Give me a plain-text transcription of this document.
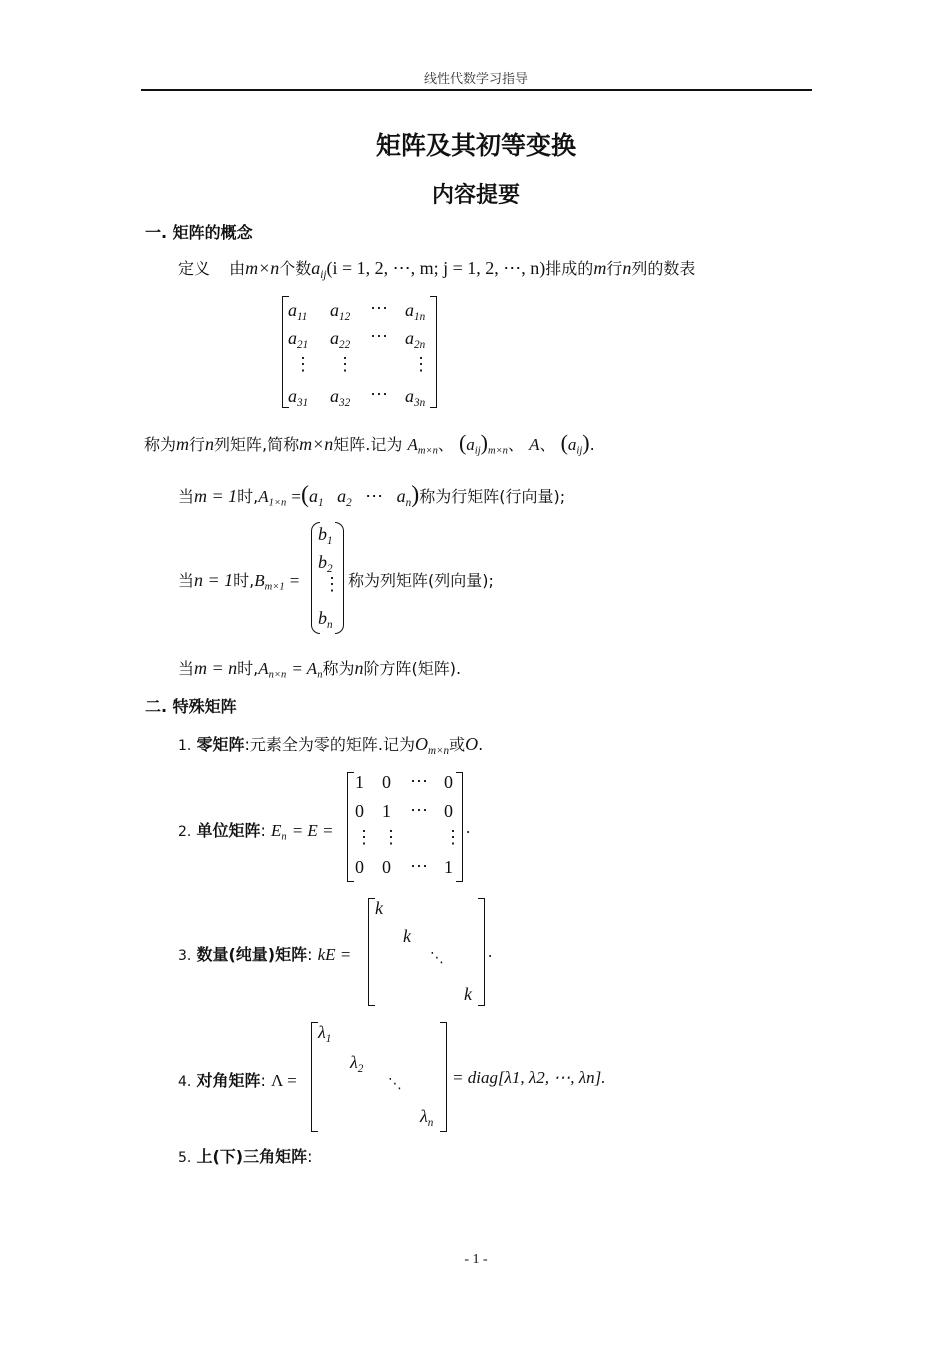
线性代数学习指导
矩阵及其初等变换
内容提要
一. 矩阵的概念
定义 由m×n个数$a_{ij}(i = 1$, 2, ⋯, m; j = 1, 2, ⋯, n)排成的m行n列的数表
$a_{11}$ $a_{12}$ ⋯ $a_{1n}$
$a_{21}$ $a_{22}$ ⋯ $a_{2n}$
⋮ ⋮	⋮
$a_{31}$ $a_{32}$ ⋯ $a_{3n}$
称为m行n列矩阵,简称m×n矩阵.记为 $A_{m\times n}$、 $(a_{ij})_{m\times n}$、 A、 $(a_{ij})$.
当m = 1时$,A_{1\times n} =(a_1$   $a_2$ ⋯   $a_n$)称为行矩阵(行向量);
当n = 1时$,B_{m\times 1}$ =
$b_1$
$b_2$
⋮
$b_n$
称为列矩阵(列向量);
当m = n时$,A_{n\times n} = A_n$称为n阶方阵(矩阵).
二. 特殊矩阵
1. 零矩阵:元素全为零的矩阵.记为$O_{m\times n}$或O.
2. 单位矩阵: $E_n = E$ =
1 0 ⋯ 0
0 1 ⋯ 0
⋮ ⋮ ⋮
0 0 ⋯ 1
.
3. 数量(纯量)矩阵: kE =
k
k
⋱
k
.
4. 对角矩阵: Λ =
$\lambda_1$
$\lambda_2$
⋱
$\lambda_n$
= diag[λ1, λ2, ⋯, λn].
5. 上(下)三角矩阵:
- 1 -
